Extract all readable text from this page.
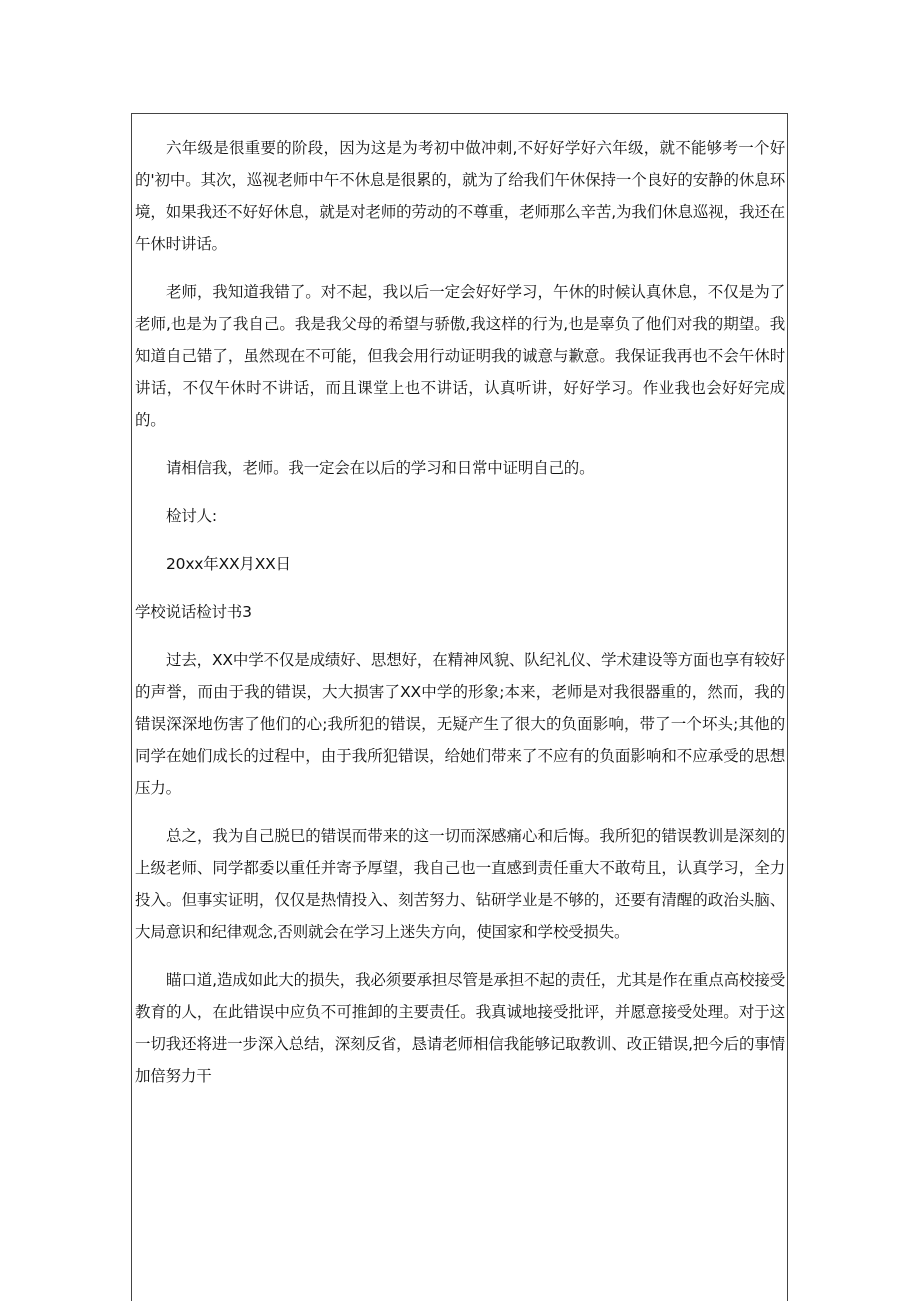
六年级是很重要的阶段，因为这是为考初中做冲刺,不好好学好六年级，就不能够考一个好的'初中。其次，巡视老师中午不休息是很累的，就为了给我们午休保持一个良好的安静的休息环境，如果我还不好好休息，就是对老师的劳动的不尊重，老师那么辛苦,为我们休息巡视，我还在午休时讲话。

老师，我知道我错了。对不起，我以后一定会好好学习，午休的时候认真休息，不仅是为了老师,也是为了我自己。我是我父母的希望与骄傲,我这样的行为,也是辜负了他们对我的期望。我知道自己错了，虽然现在不可能，但我会用行动证明我的诚意与歉意。我保证我再也不会午休时讲话，不仅午休时不讲话，而且课堂上也不讲话，认真听讲，好好学习。作业我也会好好完成的。

请相信我，老师。我一定会在以后的学习和日常中证明自己的。

检讨人:

20xx年XX月XX日

学校说话检讨书3

过去，XX中学不仅是成绩好、思想好，在精神风貌、队纪礼仪、学术建设等方面也享有较好的声誉，而由于我的错误，大大损害了XX中学的形象;本来，老师是对我很器重的，然而，我的错误深深地伤害了他们的心;我所犯的错误，无疑产生了很大的负面影响，带了一个坏头;其他的同学在她们成长的过程中，由于我所犯错误，给她们带来了不应有的负面影响和不应承受的思想压力。

总之，我为自己脱巳的错误而带来的这一切而深感痛心和后悔。我所犯的错误教训是深刻的上级老师、同学都委以重任并寄予厚望，我自己也一直感到责任重大不敢苟且，认真学习，全力投入。但事实证明，仅仅是热情投入、刻苦努力、钻研学业是不够的，还要有清醒的政治头脑、大局意识和纪律观念,否则就会在学习上迷失方向，使国家和学校受损失。

瞄口道,造成如此大的损失，我必须要承担尽管是承担不起的责任，尤其是作在重点高校接受教育的人，在此错误中应负不可推卸的主要责任。我真诚地接受批评，并愿意接受处理。对于这一切我还将进一步深入总结，深刻反省，恳请老师相信我能够记取教训、改正错误,把今后的事情加倍努力干
